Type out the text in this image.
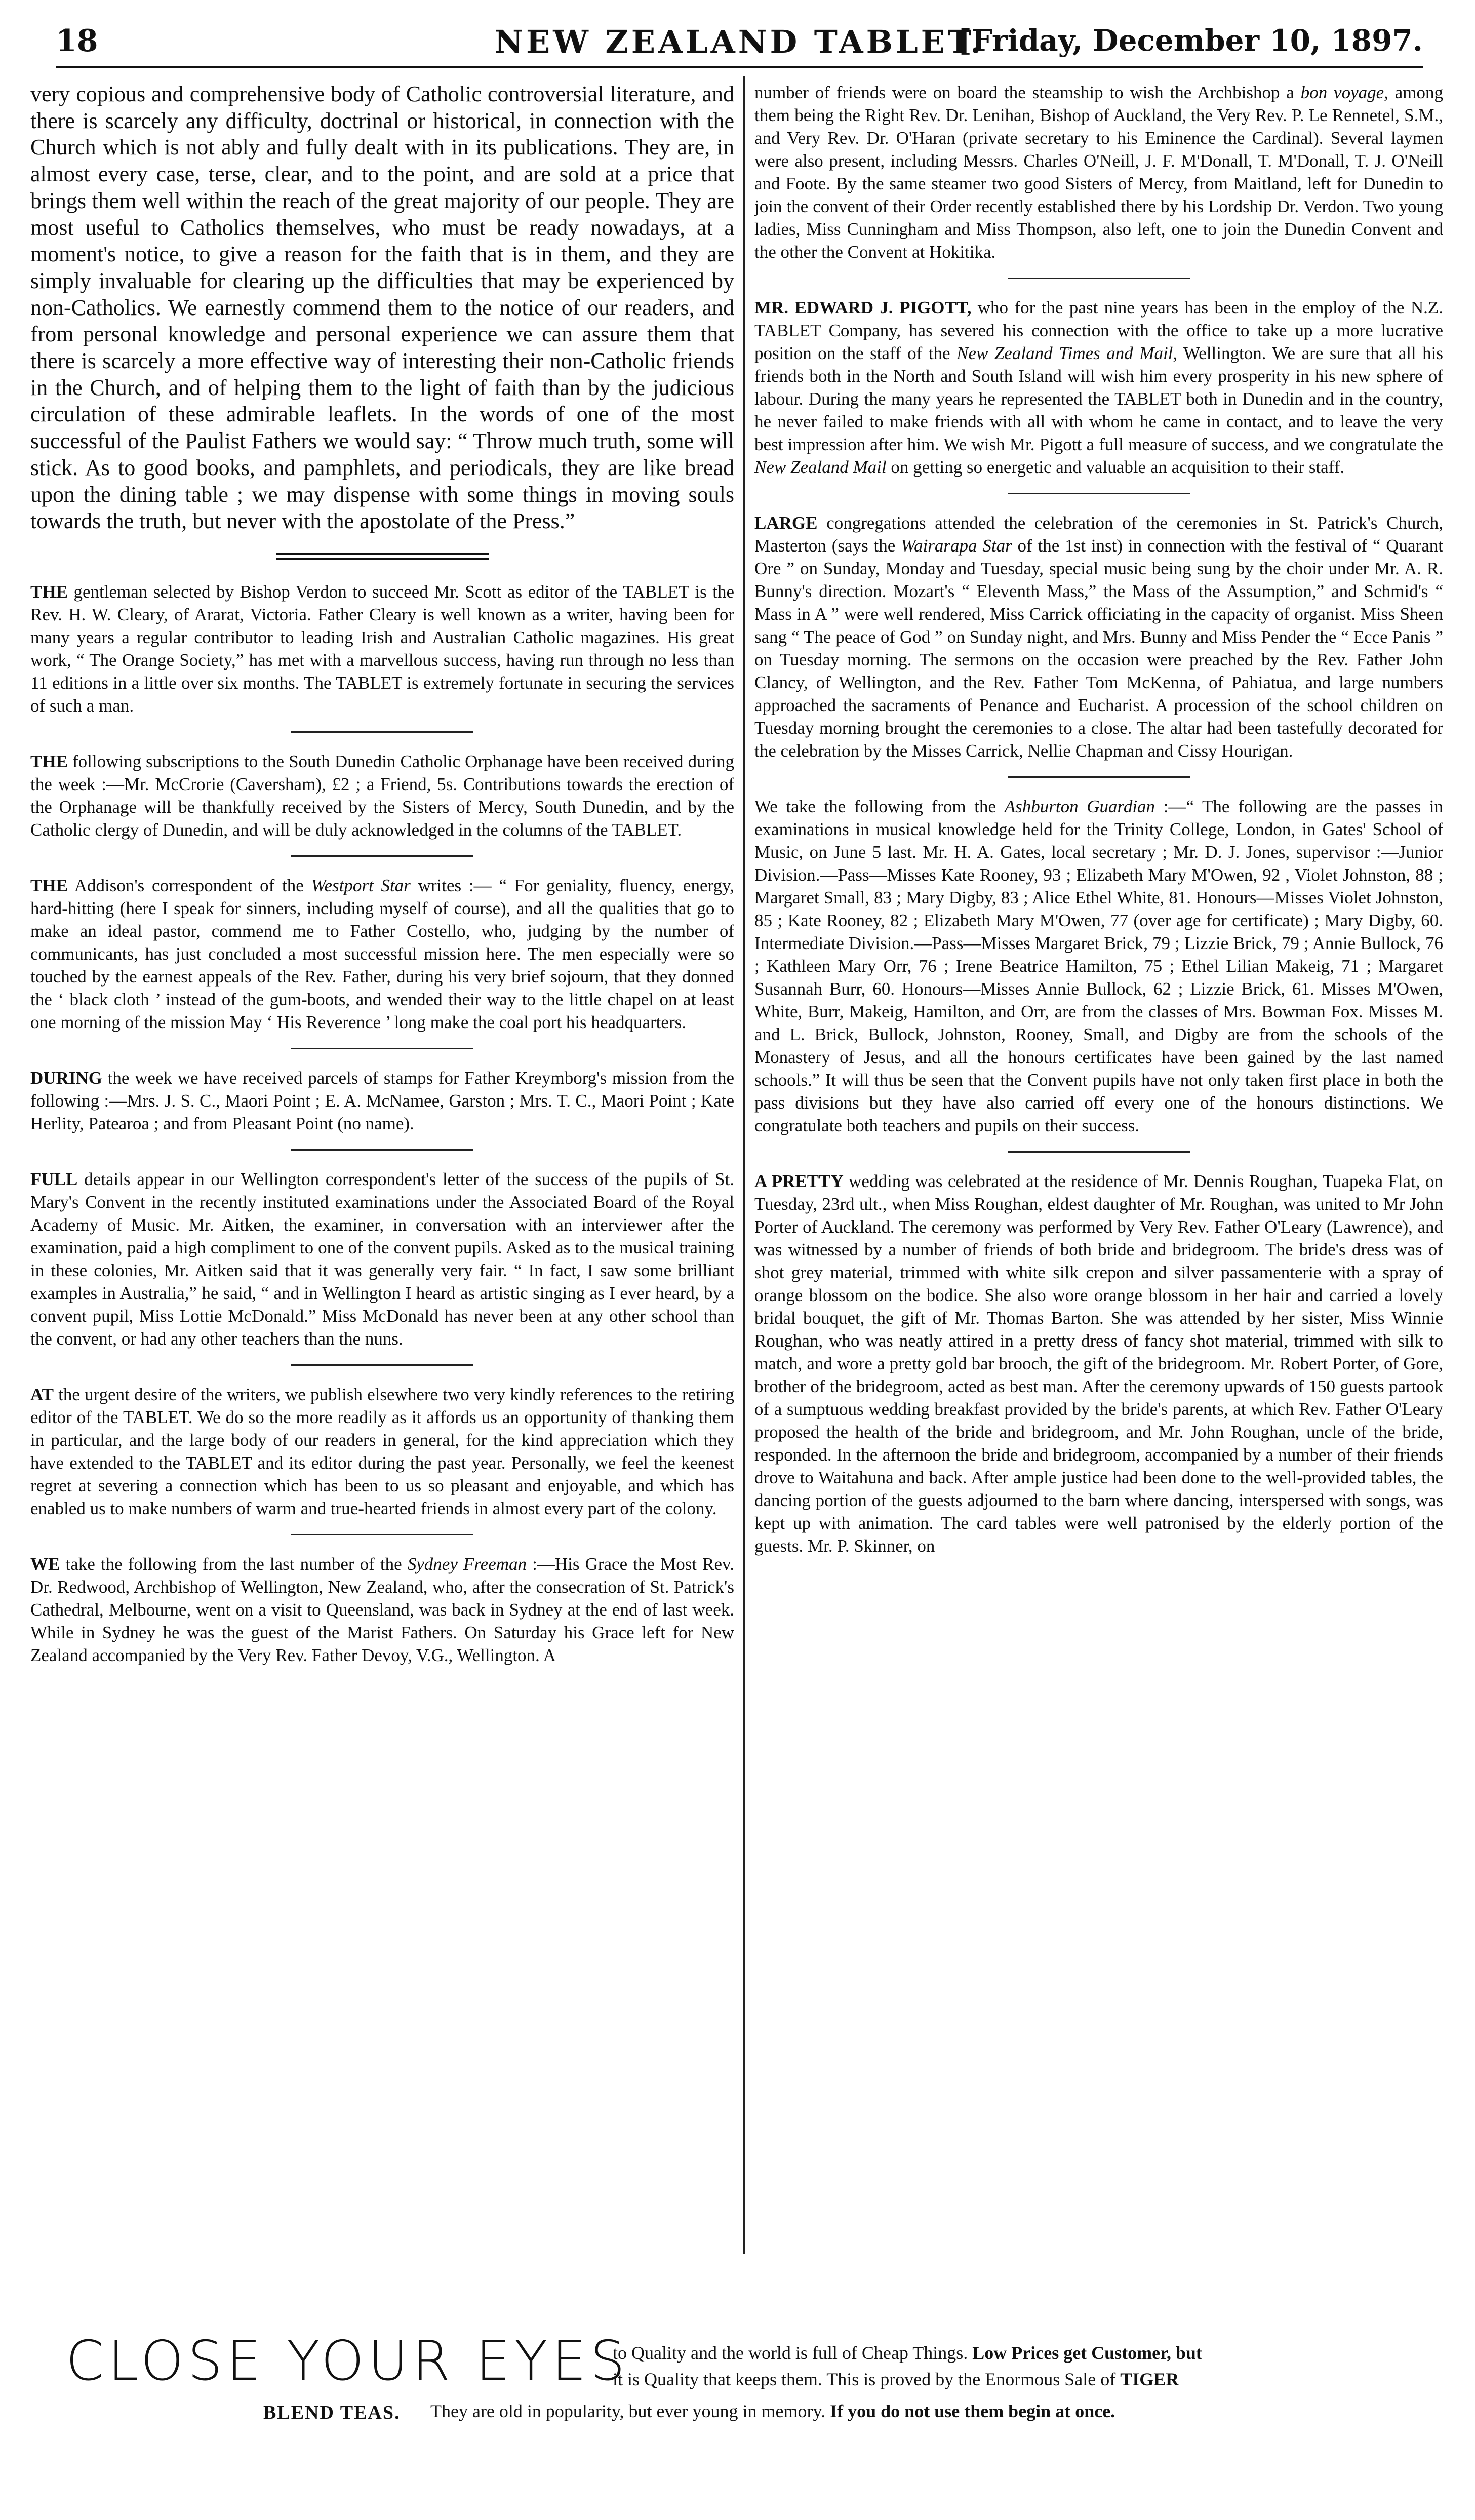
18	NEW ZEALAND TABLET.
[Friday, December 10, 1897.

very copious and comprehensive body of Catholic controversial literature, and there is scarcely any difficulty, doctrinal or historical, in connection with the Church which is not ably and fully dealt with in its publications. They are, in almost every case, terse, clear, and to the point, and are sold at a price that brings them well within the reach of the great majority of our people. They are most useful to Catholics themselves, who must be ready nowadays, at a moment's notice, to give a reason for the faith that is in them, and they are simply invaluable for clearing up the difficulties that may be experienced by non-Catholics. We earnestly commend them to the notice of our readers, and from personal knowledge and personal experience we can assure them that there is scarcely a more effective way of interesting their non-Catholic friends in the Church, and of helping them to the light of faith than by the judicious circulation of these admirable leaflets. In the words of one of the most successful of the Paulist Fathers we would say: “ Throw much truth, some will stick. As to good books, and pamphlets, and periodicals, they are like bread upon the dining table ; we may dispense with some things in moving souls towards the truth, but never with the apostolate of the Press.”

THE gentleman selected by Bishop Verdon to succeed Mr. Scott as editor of the TABLET is the Rev. H. W. Cleary, of Ararat, Victoria. Father Cleary is well known as a writer, having been for many years a regular contributor to leading Irish and Australian Catholic magazines. His great work, “ The Orange Society,” has met with a marvellous success, having run through no less than 11 editions in a little over six months. The TABLET is extremely fortunate in securing the services of such a man.

THE following subscriptions to the South Dunedin Catholic Orphanage have been received during the week :—Mr. McCrorie (Caversham), £2 ; a Friend, 5s. Contributions towards the erection of the Orphanage will be thankfully received by the Sisters of Mercy, South Dunedin, and by the Catholic clergy of Dunedin, and will be duly acknowledged in the columns of the TABLET.

THE Addison's correspondent of the Westport Star writes :— “ For geniality, fluency, energy, hard-hitting (here I speak for sinners, including myself of course), and all the qualities that go to make an ideal pastor, commend me to Father Costello, who, judging by the number of communicants, has just concluded a most successful mission here. The men especially were so touched by the earnest appeals of the Rev. Father, during his very brief sojourn, that they donned the ‘ black cloth ’ instead of the gum-boots, and wended their way to the little chapel on at least one morning of the mission May ‘ His Reverence ’ long make the coal port his headquarters.

DURING the week we have received parcels of stamps for Father Kreymborg's mission from the following :—Mrs. J. S. C., Maori Point ; E. A. McNamee, Garston ; Mrs. T. C., Maori Point ; Kate Herlity, Patearoa ; and from Pleasant Point (no name).

FULL details appear in our Wellington correspondent's letter of the success of the pupils of St. Mary's Convent in the recently instituted examinations under the Associated Board of the Royal Academy of Music. Mr. Aitken, the examiner, in conversation with an interviewer after the examination, paid a high compliment to one of the convent pupils. Asked as to the musical training in these colonies, Mr. Aitken said that it was generally very fair. “ In fact, I saw some brilliant examples in Australia,” he said, “ and in Wellington I heard as artistic singing as I ever heard, by a convent pupil, Miss Lottie McDonald.” Miss McDonald has never been at any other school than the convent, or had any other teachers than the nuns.

AT the urgent desire of the writers, we publish elsewhere two very kindly references to the retiring editor of the TABLET. We do so the more readily as it affords us an opportunity of thanking them in particular, and the large body of our readers in general, for the kind appreciation which they have extended to the TABLET and its editor during the past year. Personally, we feel the keenest regret at severing a connection which has been to us so pleasant and enjoyable, and which has enabled us to make numbers of warm and true-hearted friends in almost every part of the colony.

WE take the following from the last number of the Sydney Freeman :—His Grace the Most Rev. Dr. Redwood, Archbishop of Wellington, New Zealand, who, after the consecration of St. Patrick's Cathedral, Melbourne, went on a visit to Queensland, was back in Sydney at the end of last week. While in Sydney he was the guest of the Marist Fathers. On Saturday his Grace left for New Zealand accompanied by the Very Rev. Father Devoy, V.G., Wellington. A

number of friends were on board the steamship to wish the Archbishop a bon voyage, among them being the Right Rev. Dr. Lenihan, Bishop of Auckland, the Very Rev. P. Le Rennetel, S.M., and Very Rev. Dr. O'Haran (private secretary to his Eminence the Cardinal). Several laymen were also present, including Messrs. Charles O'Neill, J. F. M'Donall, T. M'Donall, T. J. O'Neill and Foote. By the same steamer two good Sisters of Mercy, from Maitland, left for Dunedin to join the convent of their Order recently established there by his Lordship Dr. Verdon. Two young ladies, Miss Cunningham and Miss Thompson, also left, one to join the Dunedin Convent and the other the Convent at Hokitika.

MR. EDWARD J. PIGOTT, who for the past nine years has been in the employ of the N.Z. TABLET Company, has severed his connection with the office to take up a more lucrative position on the staff of the New Zealand Times and Mail, Wellington. We are sure that all his friends both in the North and South Island will wish him every prosperity in his new sphere of labour. During the many years he represented the TABLET both in Dunedin and in the country, he never failed to make friends with all with whom he came in contact, and to leave the very best impression after him. We wish Mr. Pigott a full measure of success, and we congratulate the New Zealand Mail on getting so energetic and valuable an acquisition to their staff.

LARGE congregations attended the celebration of the ceremonies in St. Patrick's Church, Masterton (says the Wairarapa Star of the 1st inst) in connection with the festival of “ Quarant Ore ” on Sunday, Monday and Tuesday, special music being sung by the choir under Mr. A. R. Bunny's direction. Mozart's “ Eleventh Mass,” the Mass of the Assumption,” and Schmid's “ Mass in A ” were well rendered, Miss Carrick officiating in the capacity of organist. Miss Sheen sang “ The peace of God ” on Sunday night, and Mrs. Bunny and Miss Pender the “ Ecce Panis ” on Tuesday morning. The sermons on the occasion were preached by the Rev. Father John Clancy, of Wellington, and the Rev. Father Tom McKenna, of Pahiatua, and large numbers approached the sacraments of Penance and Eucharist. A procession of the school children on Tuesday morning brought the ceremonies to a close. The altar had been tastefully decorated for the celebration by the Misses Carrick, Nellie Chapman and Cissy Hourigan.

We take the following from the Ashburton Guardian :—“ The following are the passes in examinations in musical knowledge held for the Trinity College, London, in Gates' School of Music, on June 5 last. Mr. H. A. Gates, local secretary ; Mr. D. J. Jones, supervisor :—Junior Division.—Pass—Misses Kate Rooney, 93 ; Elizabeth Mary M'Owen, 92 , Violet Johnston, 88 ; Margaret Small, 83 ; Mary Digby, 83 ; Alice Ethel White, 81. Honours—Misses Violet Johnston, 85 ; Kate Rooney, 82 ; Elizabeth Mary M'Owen, 77 (over age for certificate) ; Mary Digby, 60. Intermediate Division.—Pass—Misses Margaret Brick, 79 ; Lizzie Brick, 79 ; Annie Bullock, 76 ; Kathleen Mary Orr, 76 ; Irene Beatrice Hamilton, 75 ; Ethel Lilian Makeig, 71 ; Margaret Susannah Burr, 60. Honours—Misses Annie Bullock, 62 ; Lizzie Brick, 61. Misses M'Owen, White, Burr, Makeig, Hamilton, and Orr, are from the classes of Mrs. Bowman Fox. Misses M. and L. Brick, Bullock, Johnston, Rooney, Small, and Digby are from the schools of the Monastery of Jesus, and all the honours certificates have been gained by the last named schools.” It will thus be seen that the Convent pupils have not only taken first place in both the pass divisions but they have also carried off every one of the honours distinctions. We congratulate both teachers and pupils on their success.

A PRETTY wedding was celebrated at the residence of Mr. Dennis Roughan, Tuapeka Flat, on Tuesday, 23rd ult., when Miss Roughan, eldest daughter of Mr. Roughan, was united to Mr John Porter of Auckland. The ceremony was performed by Very Rev. Father O'Leary (Lawrence), and was witnessed by a number of friends of both bride and bridegroom. The bride's dress was of shot grey material, trimmed with white silk crepon and silver passamenterie with a spray of orange blossom on the bodice. She also wore orange blossom in her hair and carried a lovely bridal bouquet, the gift of Mr. Thomas Barton. She was attended by her sister, Miss Winnie Roughan, who was neatly attired in a pretty dress of fancy shot material, trimmed with silk to match, and wore a pretty gold bar brooch, the gift of the bridegroom. Mr. Robert Porter, of Gore, brother of the bridegroom, acted as best man. After the ceremony upwards of 150 guests partook of a sumptuous wedding breakfast provided by the bride's parents, at which Rev. Father O'Leary proposed the health of the bride and bridegroom, and Mr. John Roughan, uncle of the bride, responded. In the afternoon the bride and bridegroom, accompanied by a number of their friends drove to Waitahuna and back. After ample justice had been done to the well-provided tables, the dancing portion of the guests adjourned to the barn where dancing, interspersed with songs, was kept up with animation. The card tables were well patronised by the elderly portion of the guests. Mr. P. Skinner, on

CLOSE YOUR EYES
to Quality and the world is full of Cheap Things. Low Prices get Customer, but
it is Quality that keeps them. This is proved by the Enormous Sale of TIGER
BLEND TEAS. They are old in popularity, but ever young in memory. If you do not use them begin at once.
